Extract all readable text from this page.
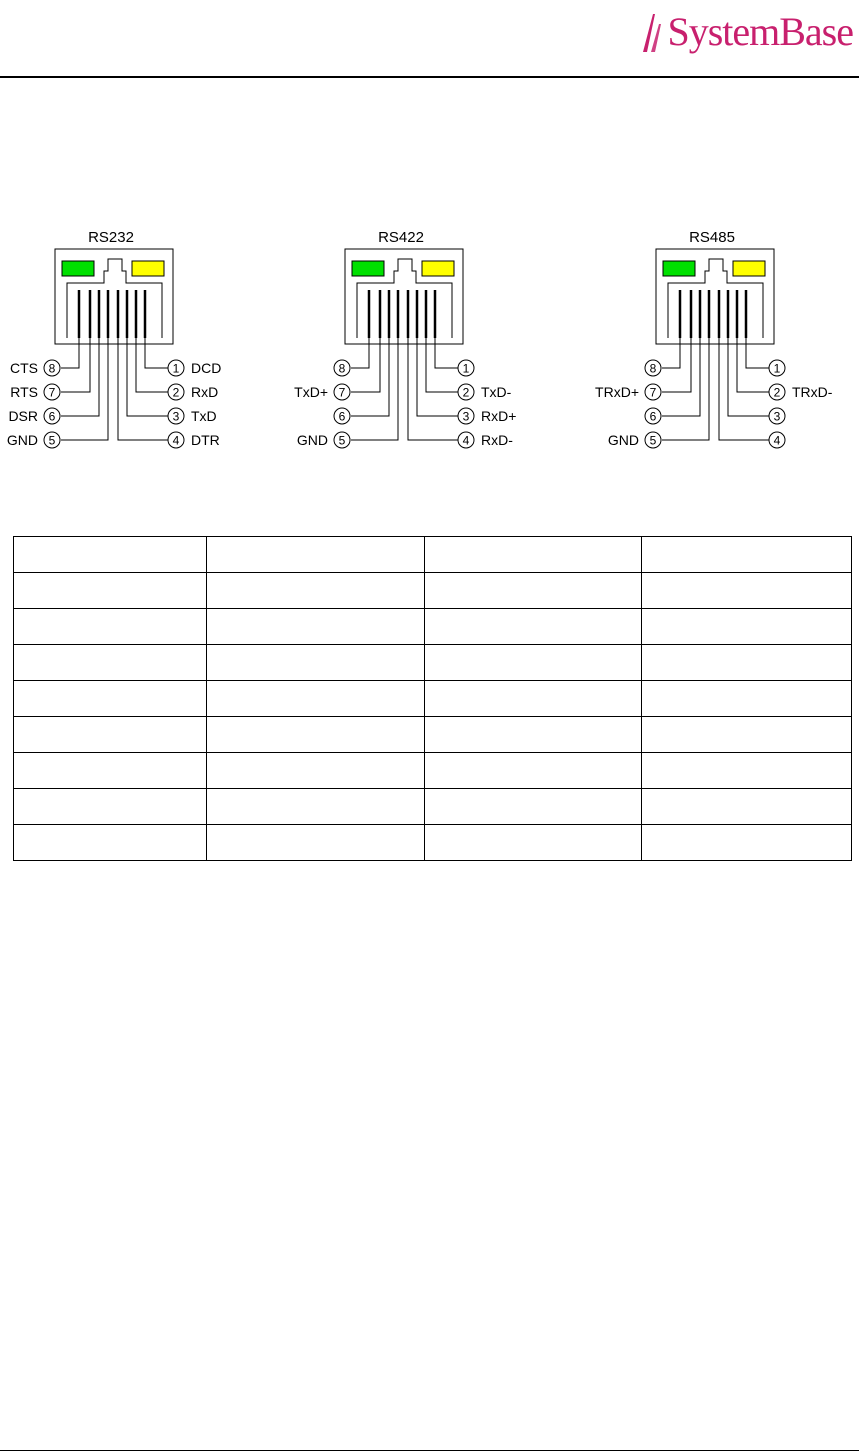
SystemBase
RS232
8
CTS
7
RTS
6
DSR
5
GND
1 DCD
2 RxD
3 TxD
4 DTR
RS422
8
7
TxD+
6
5
GND
1
2 TxD-
3 RxD+
4 RxD-
RS485
8
7
TRxD+
6
5
GND
1
2 TRxD-
3
4
